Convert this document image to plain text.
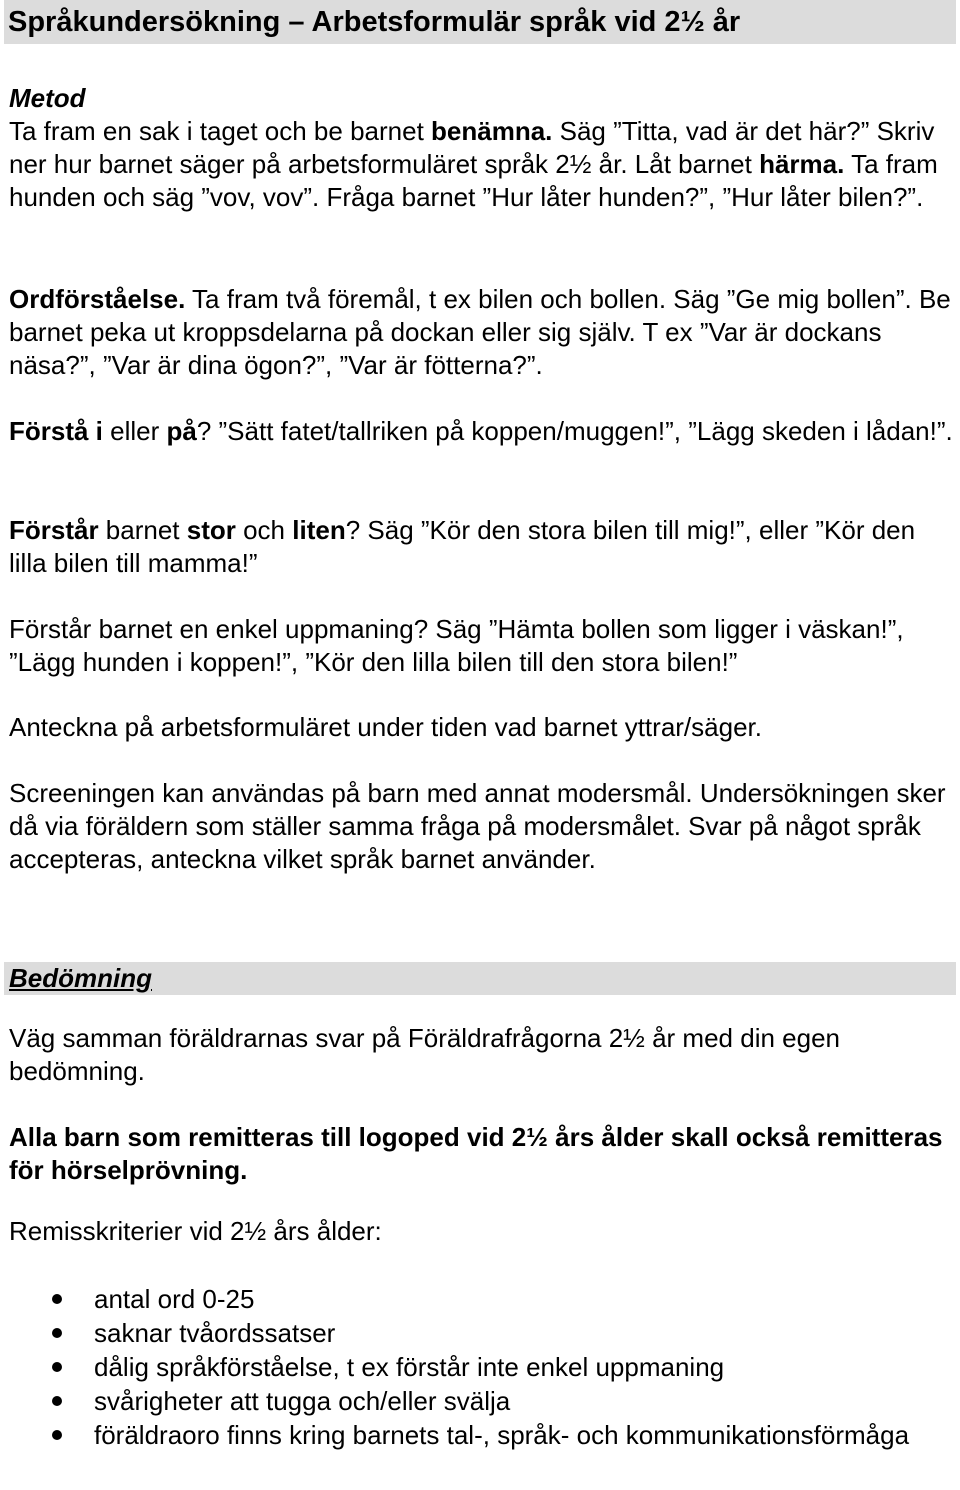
Språkundersökning – Arbetsformulär språk vid 2½ år

Metod

Ta fram en sak i taget och be barnet benämna. Säg ”Titta, vad är det här?” Skriv ner hur barnet säger på arbetsformuläret språk 2½ år. Låt barnet härma. Ta fram hunden och säg ”vov, vov”. Fråga barnet ”Hur låter hunden?”, ”Hur låter bilen?”.

Ordförståelse. Ta fram två föremål, t ex bilen och bollen. Säg ”Ge mig bollen”. Be barnet peka ut kroppsdelarna på dockan eller sig själv. T ex ”Var är dockans näsa?”, ”Var är dina ögon?”, ”Var är fötterna?”.

Förstå i eller på? ”Sätt fatet/tallriken på koppen/muggen!”, ”Lägg skeden i lådan!”.

Förstår barnet stor och liten? Säg ”Kör den stora bilen till mig!”, eller ”Kör den lilla bilen till mamma!”

Förstår barnet en enkel uppmaning? Säg ”Hämta bollen som ligger i väskan!”, ”Lägg hunden i koppen!”, ”Kör den lilla bilen till den stora bilen!”

Anteckna på arbetsformuläret under tiden vad barnet yttrar/säger.

Screeningen kan användas på barn med annat modersmål. Undersökningen sker då via föräldern som ställer samma fråga på modersmålet. Svar på något språk accepteras, anteckna vilket språk barnet använder.

Bedömning

Väg samman föräldrarnas svar på Föräldrafrågorna 2½ år med din egen bedömning.

Alla barn som remitteras till logoped vid 2½ års ålder skall också remitteras för hörselprövning.

Remisskriterier vid 2½ års ålder:

antal ord 0-25
saknar tvåordssatser
dålig språkförståelse, t ex förstår inte enkel uppmaning
svårigheter att tugga och/eller svälja
föräldraoro finns kring barnets tal-, språk- och kommunikationsförmåga
